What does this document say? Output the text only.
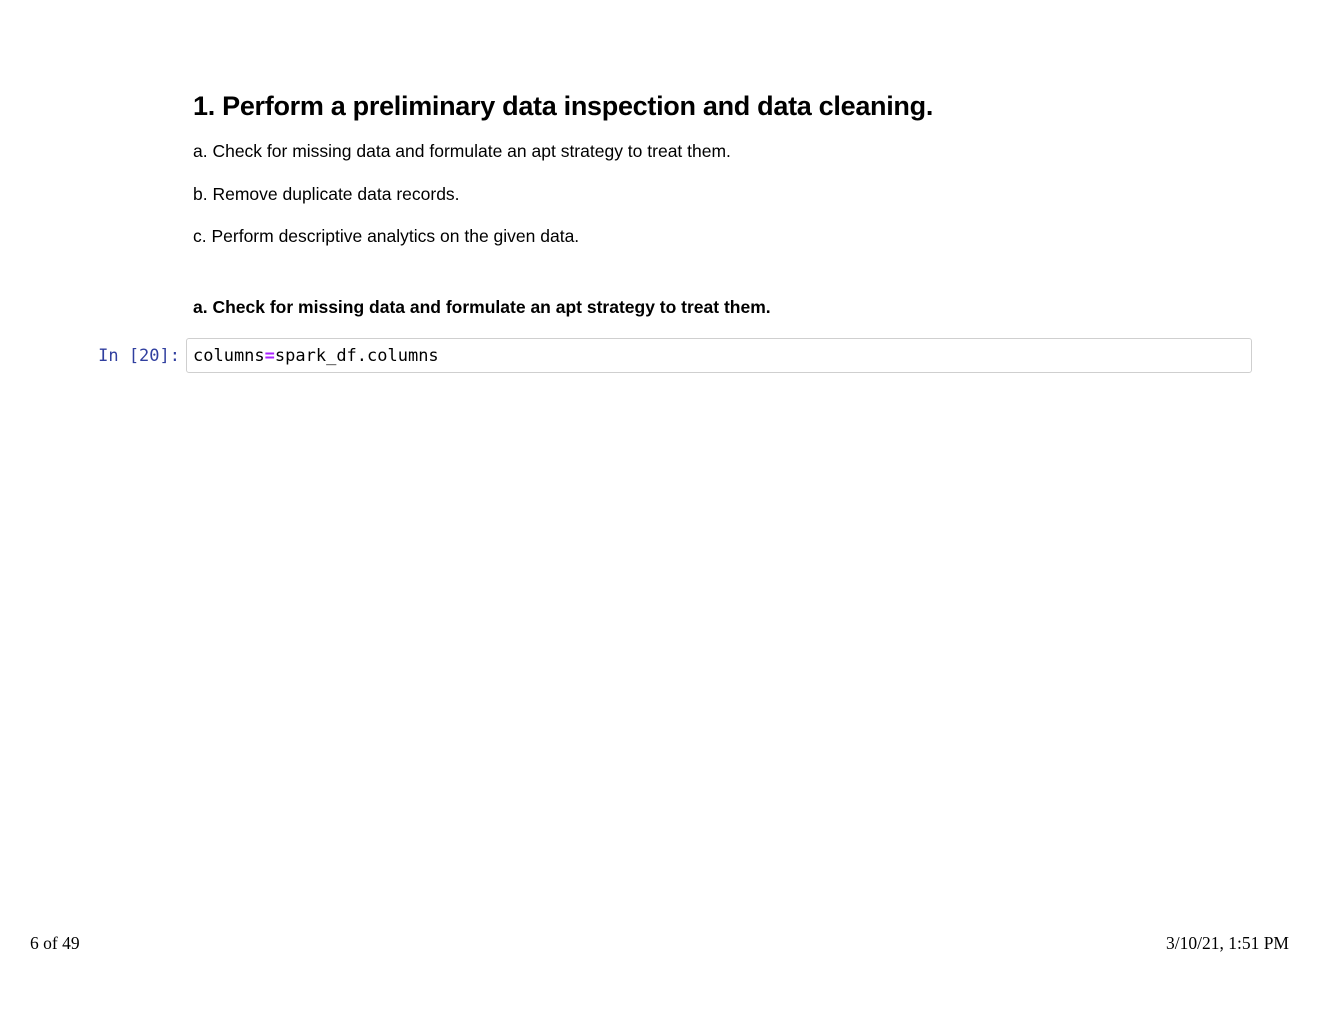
1. Perform a preliminary data inspection and data cleaning.

a. Check for missing data and formulate an apt strategy to treat them.

b. Remove duplicate data records.

c. Perform descriptive analytics on the given data.

a. Check for missing data and formulate an apt strategy to treat them.

In [20]: columns=spark_df.columns
6 of 49	3/10/21, 1:51 PM
